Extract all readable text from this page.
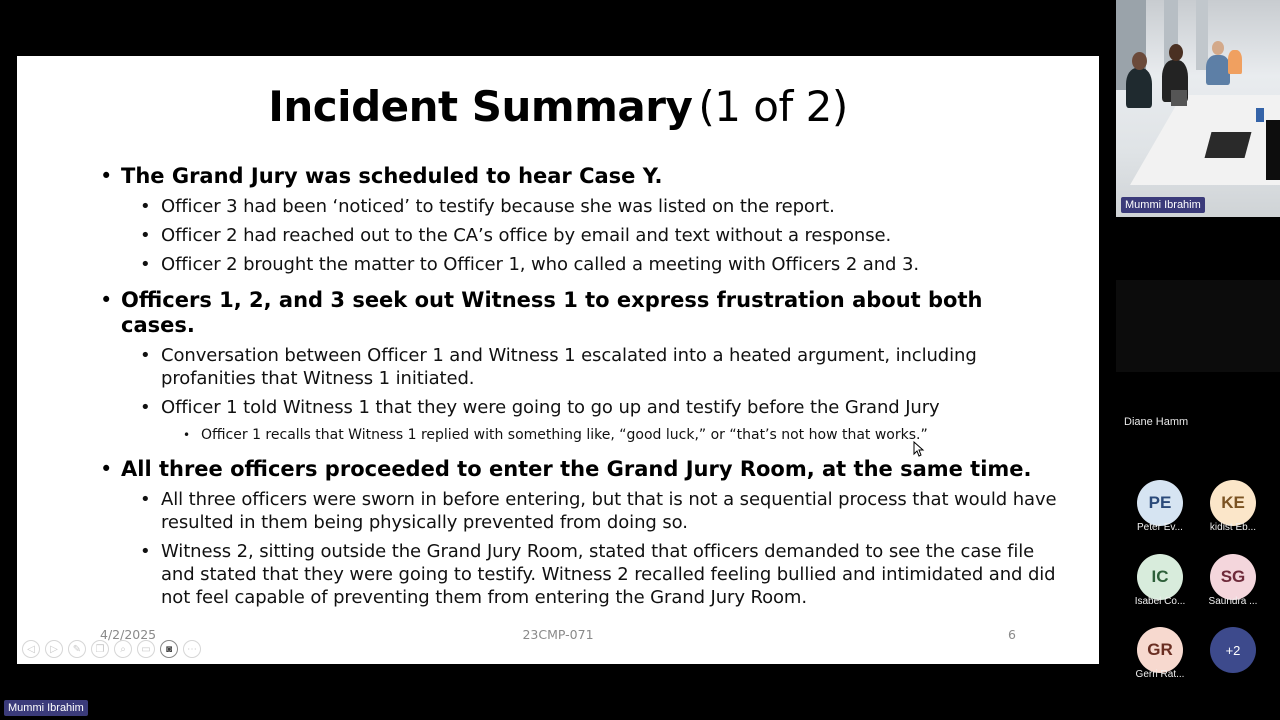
Incident Summary (1 of 2)
• The Grand Jury was scheduled to hear Case Y.
• Officer 3 had been ‘noticed’ to testify because she was listed on the report.
• Officer 2 had reached out to the CA’s office by email and text without a response.
• Officer 2 brought the matter to Officer 1, who called a meeting with Officers 2 and 3.
• Officers 1, 2, and 3 seek out Witness 1 to express frustration about both cases.
• Conversation between Officer 1 and Witness 1 escalated into a heated argument, including profanities that Witness 1 initiated.
• Officer 1 told Witness 1 that they were going to go up and testify before the Grand Jury
• Officer 1 recalls that Witness 1 replied with something like, “good luck,” or “that’s not how that works.”
• All three officers proceeded to enter the Grand Jury Room, at the same time.
• All three officers were sworn in before entering, but that is not a sequential process that would have resulted in them being physically prevented from doing so.
• Witness 2, sitting outside the Grand Jury Room, stated that officers demanded to see the case file and stated that they were going to testify. Witness 2 recalled feeling bullied and intimidated and did not feel capable of preventing them from entering the Grand Jury Room.
4/2/2025	23CMP-071	6
◁	▷	✎	❐	⌕	▭	◙	⋯
Mummi Ibrahim
Mummi Ibrahim
Diane Hamm
PE
Peter Ev...
KE
kidist Eb...
IC
Isabel Co...
SG
Saundra ...
GR
Gerri Rat...
+2
